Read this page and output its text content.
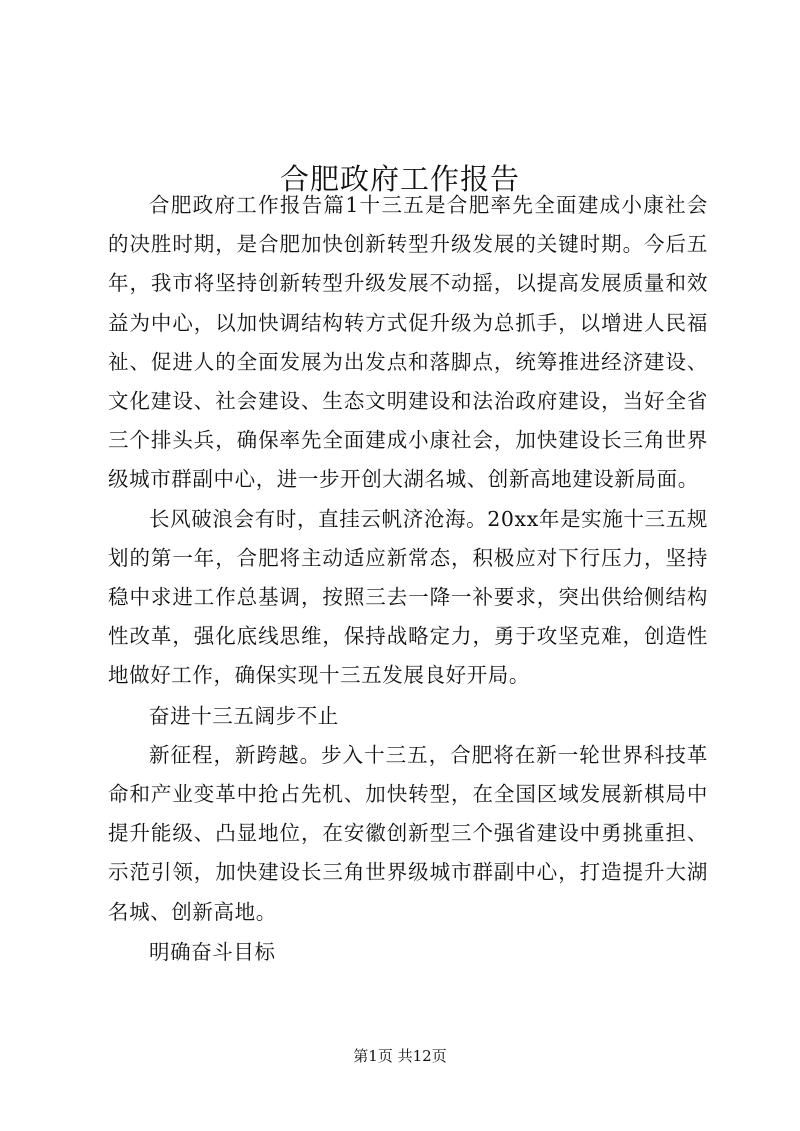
合肥政府工作报告

合肥政府工作报告篇1十三五是合肥率先全面建成小康社会的决胜时期，是合肥加快创新转型升级发展的关键时期。今后五年，我市将坚持创新转型升级发展不动摇，以提高发展质量和效益为中心，以加快调结构转方式促升级为总抓手，以增进人民福祉、促进人的全面发展为出发点和落脚点，统筹推进经济建设、文化建设、社会建设、生态文明建设和法治政府建设，当好全省三个排头兵，确保率先全面建成小康社会，加快建设长三角世界级城市群副中心，进一步开创大湖名城、创新高地建设新局面。

长风破浪会有时，直挂云帆济沧海。20xx年是实施十三五规划的第一年，合肥将主动适应新常态，积极应对下行压力，坚持稳中求进工作总基调，按照三去一降一补要求，突出供给侧结构性改革，强化底线思维，保持战略定力，勇于攻坚克难，创造性地做好工作，确保实现十三五发展良好开局。

奋进十三五阔步不止

新征程，新跨越。步入十三五，合肥将在新一轮世界科技革命和产业变革中抢占先机、加快转型，在全国区域发展新棋局中提升能级、凸显地位，在安徽创新型三个强省建设中勇挑重担、示范引领，加快建设长三角世界级城市群副中心，打造提升大湖名城、创新高地。

明确奋斗目标

第1页 共12页
